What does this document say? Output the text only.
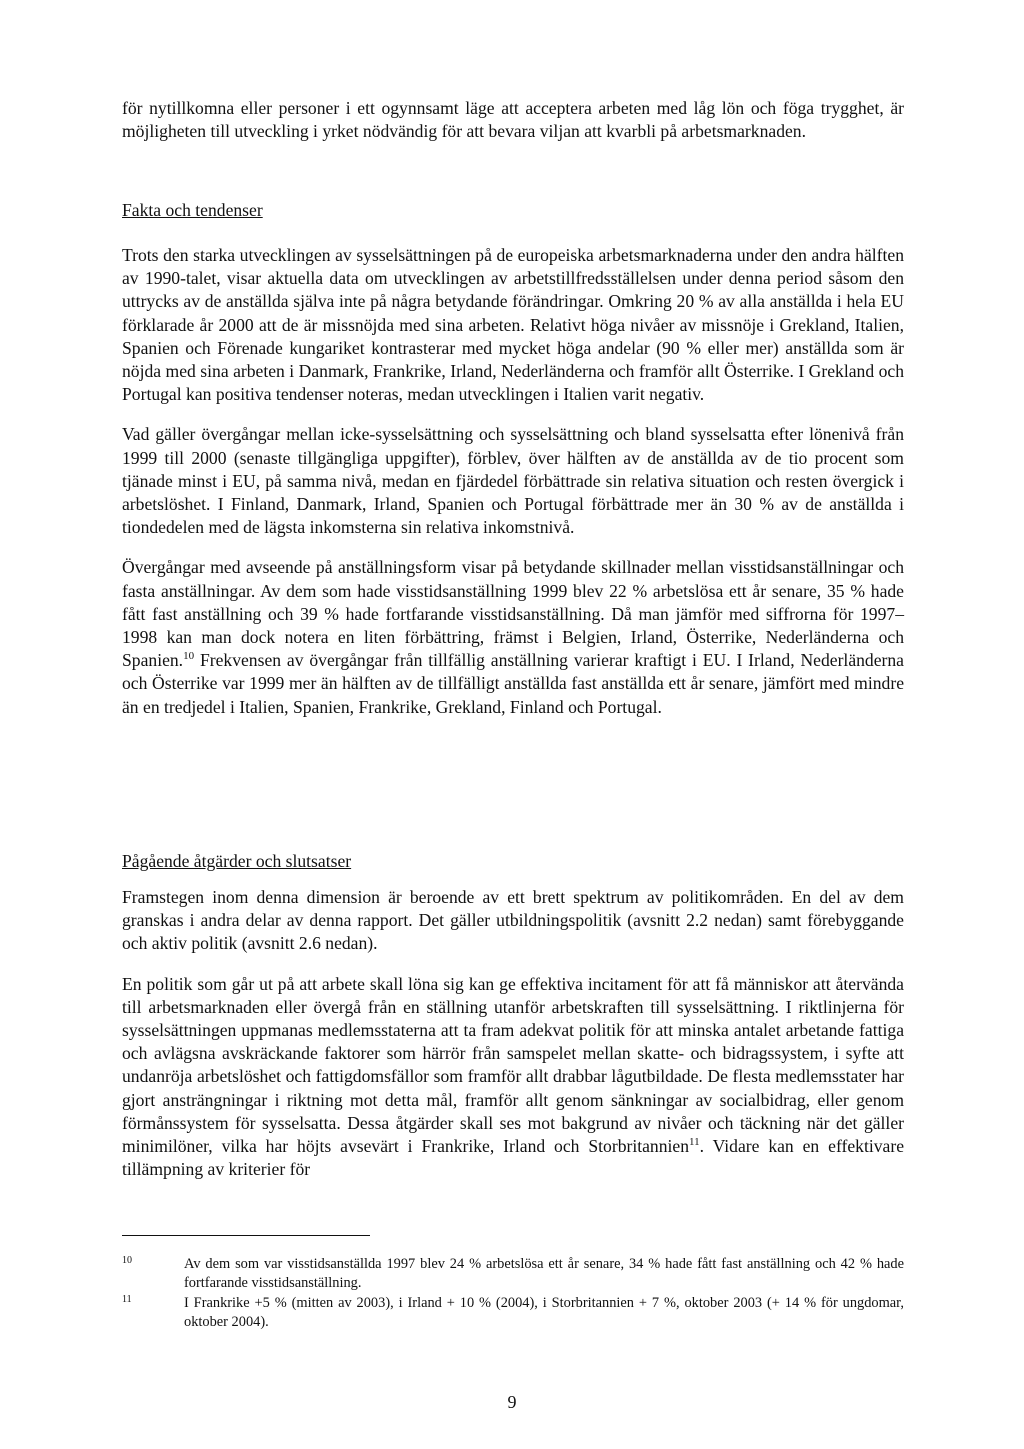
för nytillkomna eller personer i ett ogynnsamt läge att acceptera arbeten med låg lön och föga trygghet, är möjligheten till utveckling i yrket nödvändig för att bevara viljan att kvarbli på arbetsmarknaden.

Fakta och tendenser

Trots den starka utvecklingen av sysselsättningen på de europeiska arbetsmarknaderna under den andra hälften av 1990-talet, visar aktuella data om utvecklingen av arbetstillfredsställelsen under denna period såsom den uttrycks av de anställda själva inte på några betydande förändringar. Omkring 20 % av alla anställda i hela EU förklarade år 2000 att de är missnöjda med sina arbeten. Relativt höga nivåer av missnöje i Grekland, Italien, Spanien och Förenade kungariket kontrasterar med mycket höga andelar (90 % eller mer) anställda som är nöjda med sina arbeten i Danmark, Frankrike, Irland, Nederländerna och framför allt Österrike. I Grekland och Portugal kan positiva tendenser noteras, medan utvecklingen i Italien varit negativ.

Vad gäller övergångar mellan icke-sysselsättning och sysselsättning och bland sysselsatta efter lönenivå från 1999 till 2000 (senaste tillgängliga uppgifter), förblev, över hälften av de anställda av de tio procent som tjänade minst i EU, på samma nivå, medan en fjärdedel förbättrade sin relativa situation och resten övergick i arbetslöshet. I Finland, Danmark, Irland, Spanien och Portugal förbättrade mer än 30 % av de anställda i tiondedelen med de lägsta inkomsterna sin relativa inkomstnivå.

Övergångar med avseende på anställningsform visar på betydande skillnader mellan visstidsanställningar och fasta anställningar. Av dem som hade visstidsanställning 1999 blev 22 % arbetslösa ett år senare, 35 % hade fått fast anställning och 39 % hade fortfarande visstidsanställning. Då man jämför med siffrorna för 1997–1998 kan man dock notera en liten förbättring, främst i Belgien, Irland, Österrike, Nederländerna och Spanien.$^{10}$ Frekvensen av övergångar från tillfällig anställning varierar kraftigt i EU. I Irland, Nederländerna och Österrike var 1999 mer än hälften av de tillfälligt anställda fast anställda ett år senare, jämfört med mindre än en tredjedel i Italien, Spanien, Frankrike, Grekland, Finland och Portugal.

Pågående åtgärder och slutsatser

Framstegen inom denna dimension är beroende av ett brett spektrum av politikområden. En del av dem granskas i andra delar av denna rapport. Det gäller utbildningspolitik (avsnitt 2.2 nedan) samt förebyggande och aktiv politik (avsnitt 2.6 nedan).

En politik som går ut på att arbete skall löna sig kan ge effektiva incitament för att få människor att återvända till arbetsmarknaden eller övergå från en ställning utanför arbetskraften till sysselsättning. I riktlinjerna för sysselsättningen uppmanas medlemsstaterna att ta fram adekvat politik för att minska antalet arbetande fattiga och avlägsna avskräckande faktorer som härrör från samspelet mellan skatte- och bidragssystem, i syfte att undanröja arbetslöshet och fattigdomsfällor som framför allt drabbar lågutbildade. De flesta medlemsstater har gjort ansträngningar i riktning mot detta mål, framför allt genom sänkningar av socialbidrag, eller genom förmånssystem för sysselsatta. Dessa åtgärder skall ses mot bakgrund av nivåer och täckning när det gäller minimilöner, vilka har höjts avsevärt i Frankrike, Irland och Storbritannien$^{11}$. Vidare kan en effektivare tillämpning av kriterier för

10	Av dem som var visstidsanställda 1997 blev 24 % arbetslösa ett år senare, 34 % hade fått fast anställning och 42 % hade fortfarande visstidsanställning.
11	I Frankrike +5 % (mitten av 2003), i Irland + 10 % (2004), i Storbritannien + 7 %, oktober 2003 (+ 14 % för ungdomar, oktober 2004).
9
